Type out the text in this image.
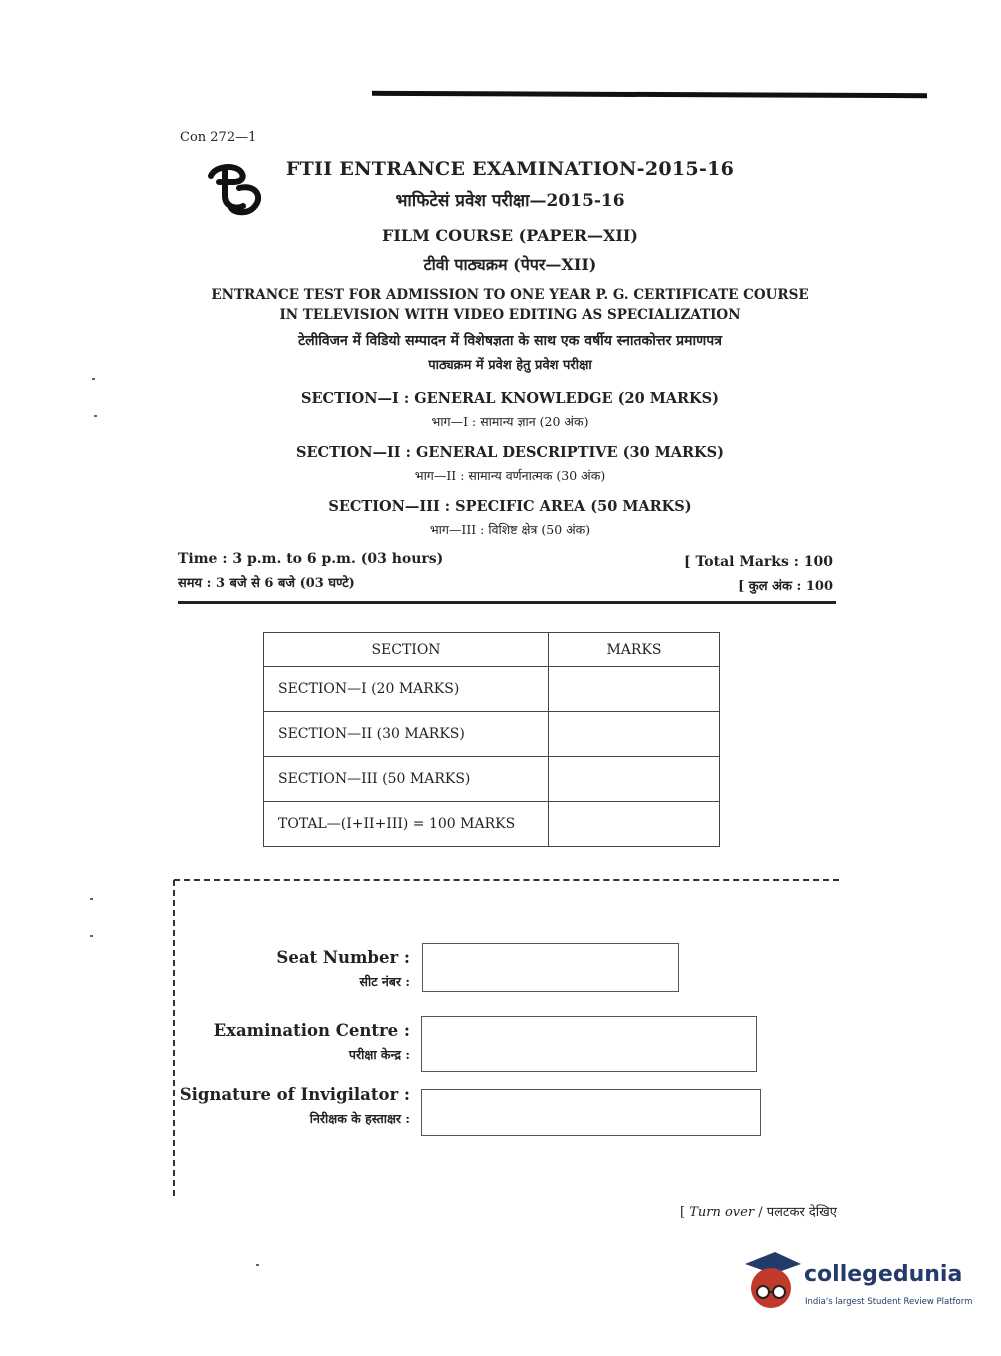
Con 272—1
FTII ENTRANCE EXAMINATION-2015-16
भाफिटेसं प्रवेश परीक्षा—2015-16
FILM COURSE (PAPER—XII)
टीवी पाठ्यक्रम (पेपर—XII)
ENTRANCE TEST FOR ADMISSION TO ONE YEAR P. G. CERTIFICATE COURSE
IN TELEVISION WITH VIDEO EDITING AS SPECIALIZATION
टेलीविजन में विडियो सम्पादन में विशेषज्ञता के साथ एक वर्षीय स्नातकोत्तर प्रमाणपत्र
पाठ्यक्रम में प्रवेश हेतु प्रवेश परीक्षा
SECTION—I : GENERAL KNOWLEDGE (20 MARKS)
भाग—I : सामान्य ज्ञान (20 अंक)
SECTION—II : GENERAL DESCRIPTIVE (30 MARKS)
भाग—II : सामान्य वर्णनात्मक (30 अंक)
SECTION—III : SPECIFIC AREA (50 MARKS)
भाग—III : विशिष्ट क्षेत्र (50 अंक)
Time : 3 p.m. to 6 p.m. (03 hours)
समय : 3 बजे से 6 बजे (03 घण्टे)
[ Total Marks : 100
[ कुल अंक : 100
SECTION	MARKS
SECTION—I (20 MARKS)	
SECTION—II (30 MARKS)	
SECTION—III (50 MARKS)	
TOTAL—(I+II+III) = 100 MARKS	
Seat Number :
सीट नंबर :
Examination Centre :
परीक्षा केन्द्र :
Signature of Invigilator :
निरीक्षक के हस्ताक्षर :
[ Turn over / पलटकर देखिए
collegedunia
India's largest Student Review Platform
